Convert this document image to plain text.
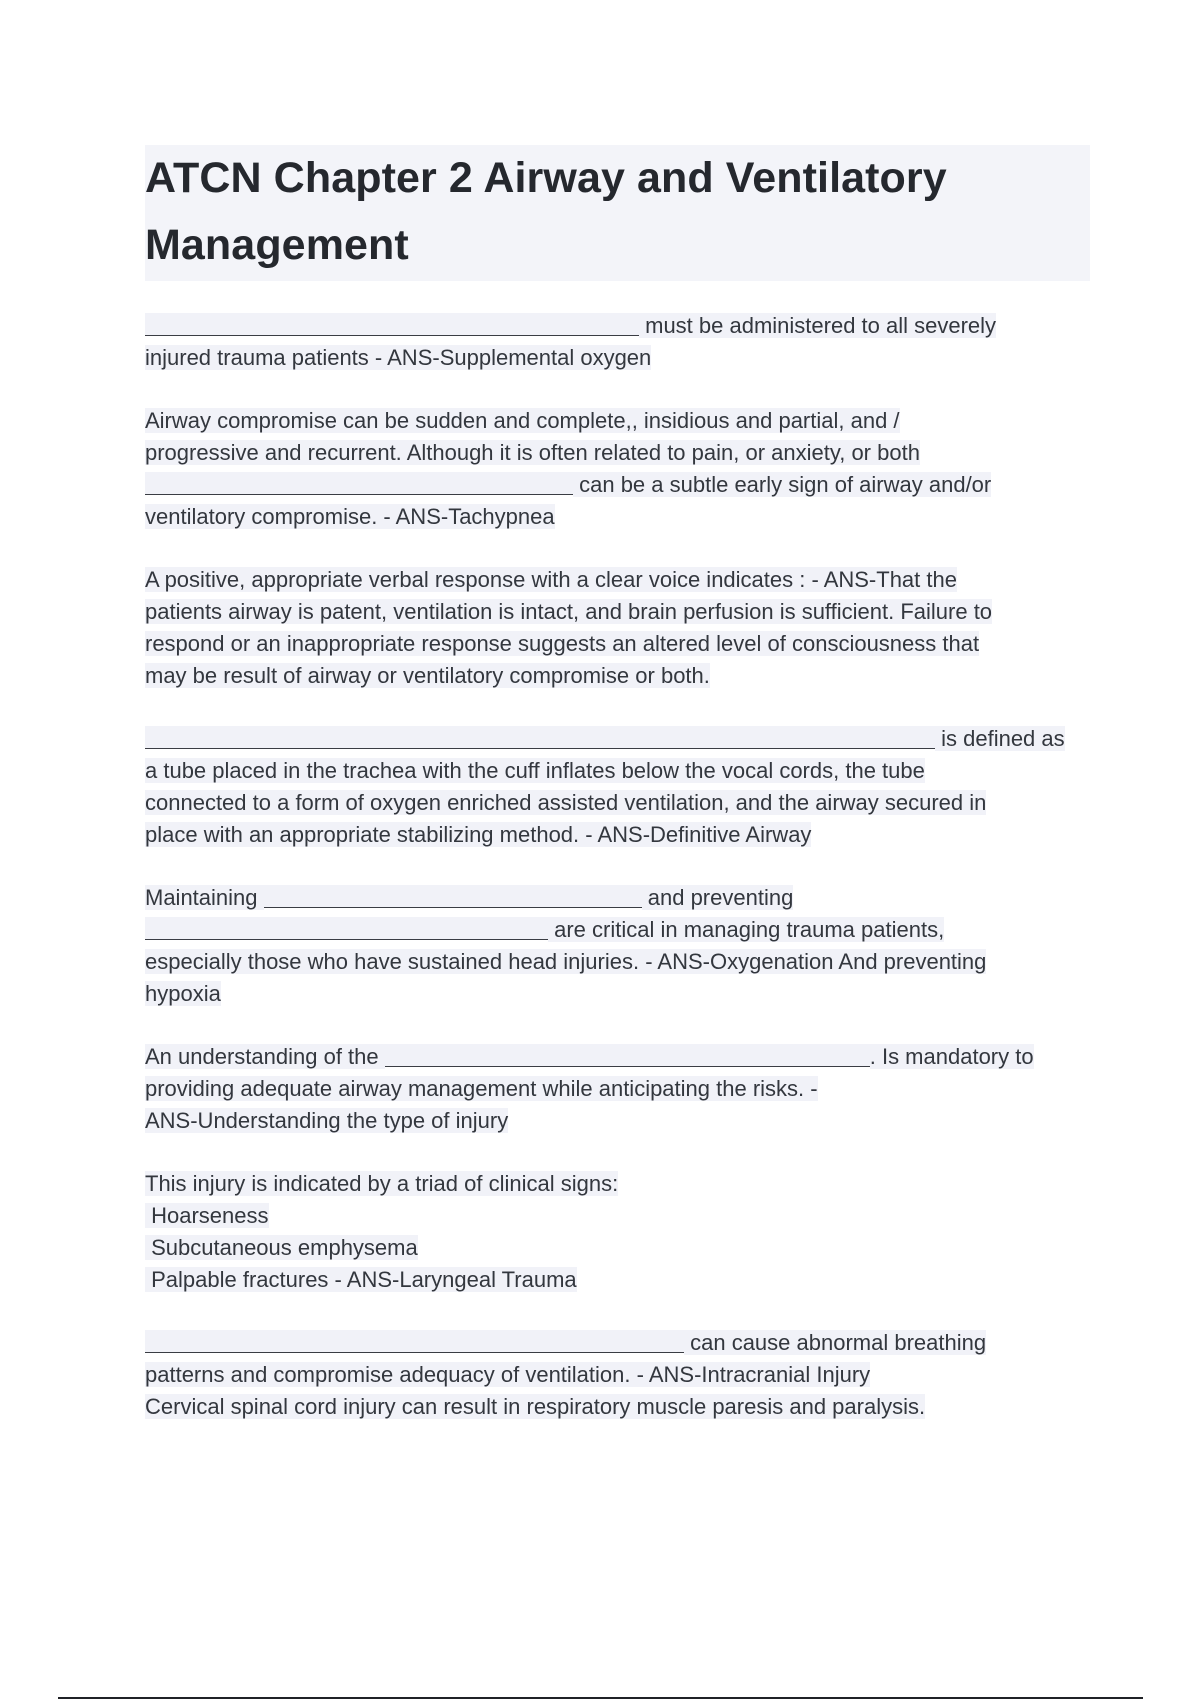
ATCN Chapter 2 Airway and Ventilatory
Management

must be administered to all severely
injured trauma patients - ANS-Supplemental oxygen

Airway compromise can be sudden and complete,, insidious and partial, and /
progressive and recurrent. Although it is often related to pain, or anxiety, or both
can be a subtle early sign of airway and/or
ventilatory compromise. - ANS-Tachypnea

A positive, appropriate verbal response with a clear voice indicates : - ANS-That the
patients airway is patent, ventilation is intact, and brain perfusion is sufficient. Failure to
respond or an inappropriate response suggests an altered level of consciousness that
may be result of airway or ventilatory compromise or both.

is defined as
a tube placed in the trachea with the cuff inflates below the vocal cords, the tube
connected to a form of oxygen enriched assisted ventilation, and the airway secured in
place with an appropriate stabilizing method. - ANS-Definitive Airway

Maintaining	and preventing
are critical in managing trauma patients,
especially those who have sustained head injuries. - ANS-Oxygenation And preventing
hypoxia

An understanding of the	. Is mandatory to
providing adequate airway management while anticipating the risks. -
ANS-Understanding the type of injury

This injury is indicated by a triad of clinical signs:
Hoarseness
Subcutaneous emphysema
Palpable fractures - ANS-Laryngeal Trauma

can cause abnormal breathing
patterns and compromise adequacy of ventilation. - ANS-Intracranial Injury
Cervical spinal cord injury can result in respiratory muscle paresis and paralysis.
